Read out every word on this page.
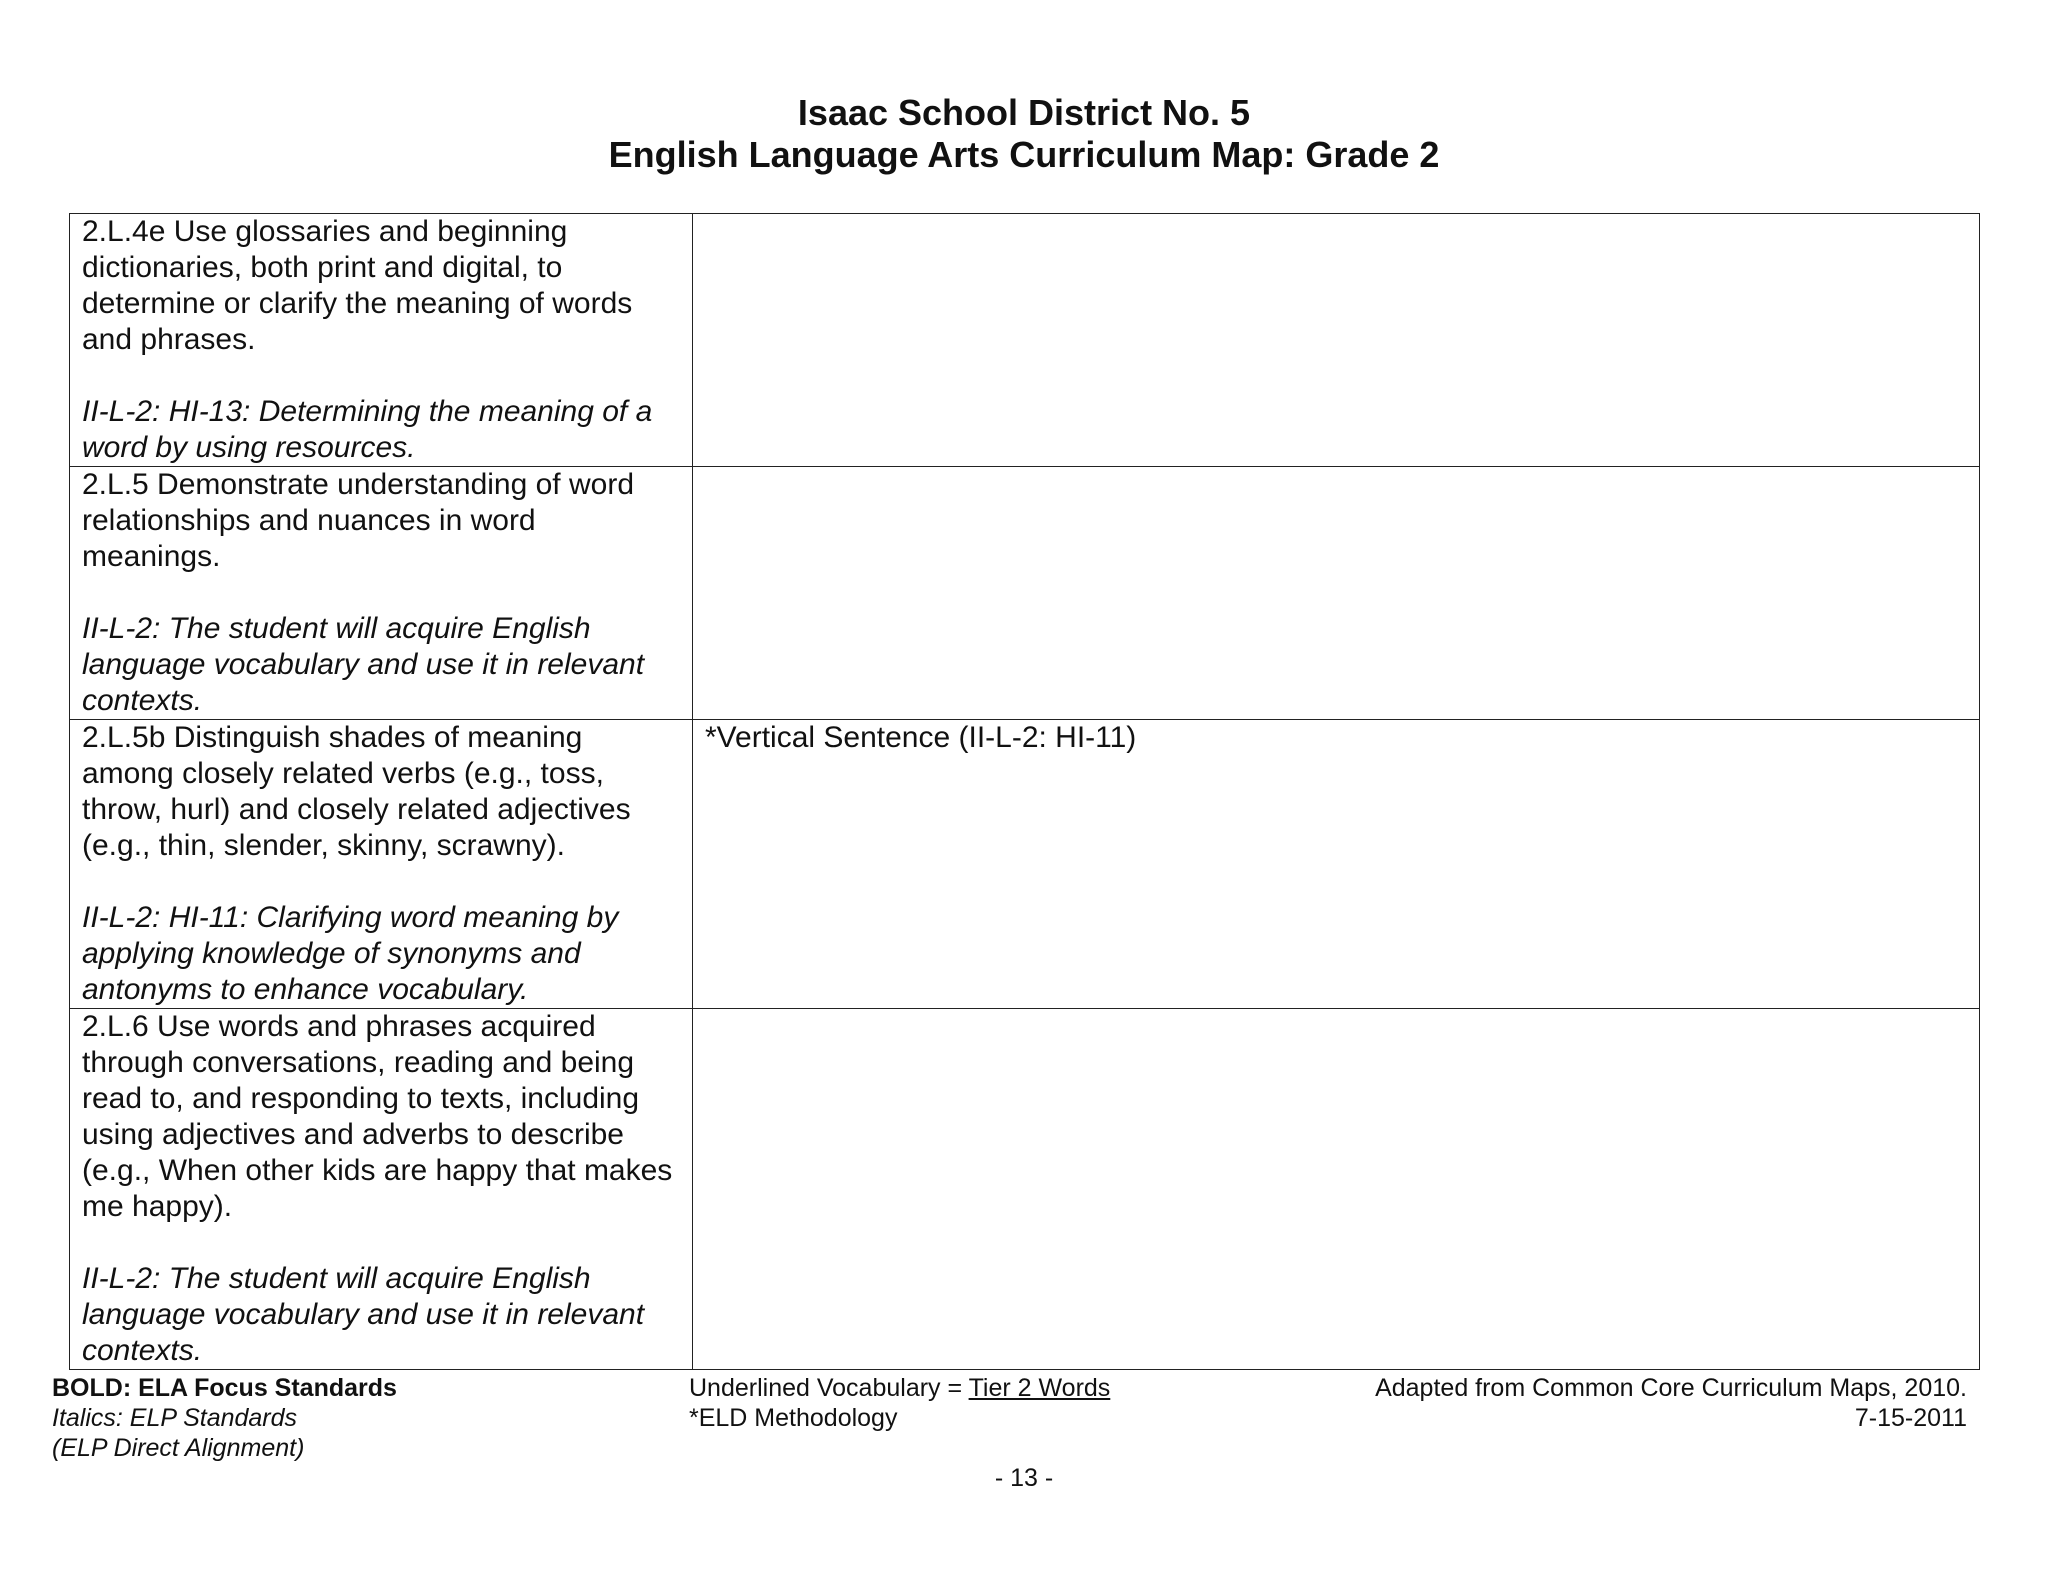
Isaac School District No. 5
English Language Arts Curriculum Map: Grade 2

2.L.4e Use glossaries and beginning dictionaries, both print and digital, to determine or clarify the meaning of words and phrases.

II-L-2: HI-13: Determining the meaning of a word by using resources.	

2.L.5 Demonstrate understanding of word relationships and nuances in word meanings.

II-L-2: The student will acquire English language vocabulary and use it in relevant contexts.	

2.L.5b Distinguish shades of meaning among closely related verbs (e.g., toss, throw, hurl) and closely related adjectives (e.g., thin, slender, skinny, scrawny).

II-L-2: HI-11: Clarifying word meaning by applying knowledge of synonyms and antonyms to enhance vocabulary.	*Vertical Sentence (II-L-2: HI-11)

2.L.6 Use words and phrases acquired through conversations, reading and being read to, and responding to texts, including using adjectives and adverbs to describe (e.g., When other kids are happy that makes me happy).

II-L-2: The student will acquire English language vocabulary and use it in relevant contexts.	

BOLD: ELA Focus Standards
Italics: ELP Standards
(ELP Direct Alignment)
Underlined Vocabulary = Tier 2 Words
*ELD Methodology
Adapted from Common Core Curriculum Maps, 2010.
7-15-2011
- 13 -
